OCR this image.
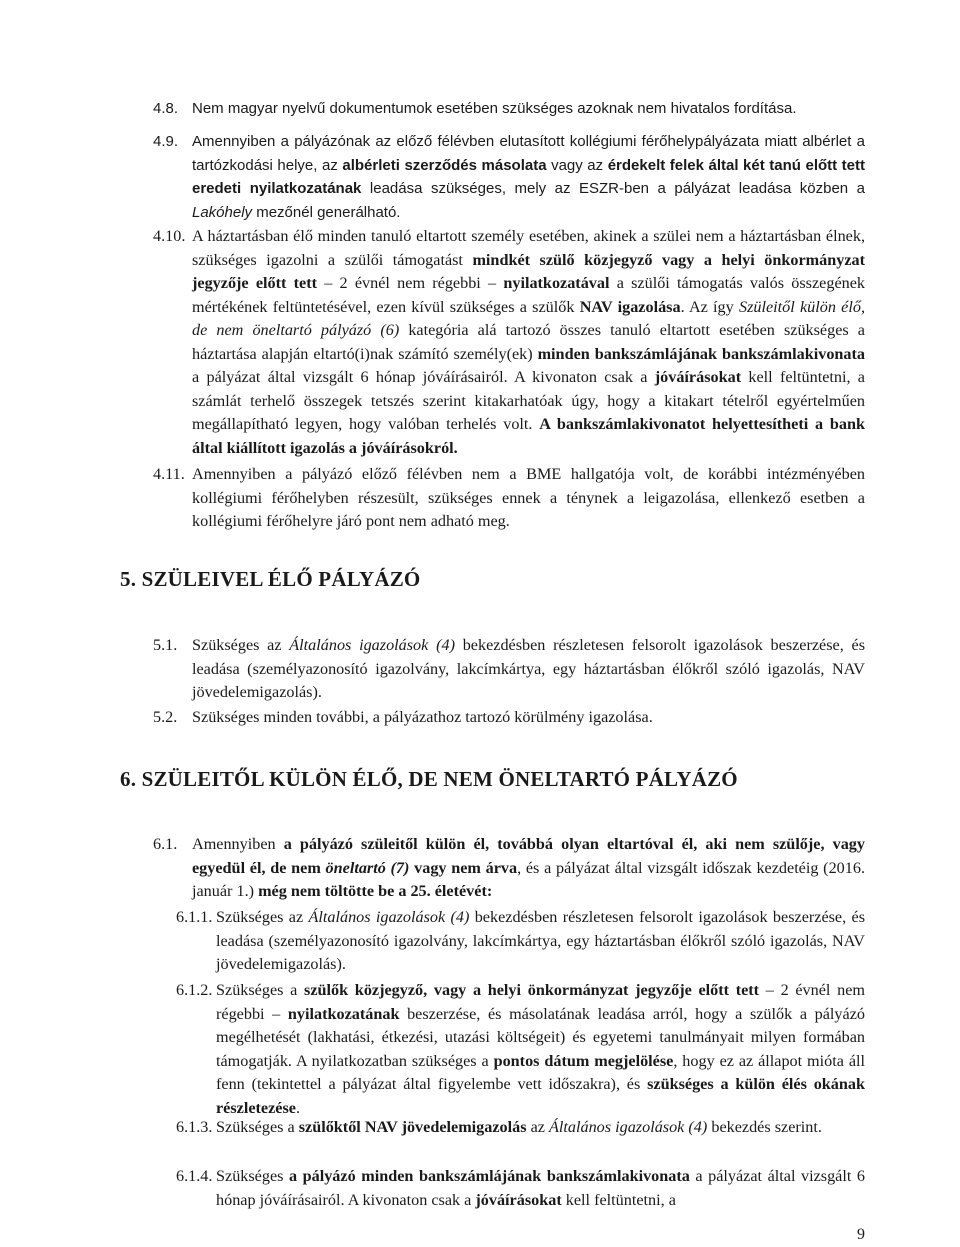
4.8. Nem magyar nyelvű dokumentumok esetében szükséges azoknak nem hivatalos fordítása.
4.9. Amennyiben a pályázónak az előző félévben elutasított kollégiumi férőhelypályázata miatt albérlet a tartózkodási helye, az albérleti szerződés másolata vagy az érdekelt felek által két tanú előtt tett eredeti nyilatkozatának leadása szükséges, mely az ESZR-ben a pályázat leadása közben a Lakóhely mezőnél generálható.
4.10. A háztartásban élő minden tanuló eltartott személy esetében, akinek a szülei nem a háztartásban élnek, szükséges igazolni a szülői támogatást mindkét szülő közjegyző vagy a helyi önkormányzat jegyzője előtt tett – 2 évnél nem régebbi – nyilatkozatával a szülői támogatás valós összegének mértékének feltüntetésével, ezen kívül szükséges a szülők NAV igazolása. Az így Szüleitől külön élő, de nem öneltartó pályázó (6) kategória alá tartozó összes tanuló eltartott esetében szükséges a háztartása alapján eltartó(i)nak számító személy(ek) minden bankszámlájának bankszámlakivonata a pályázat által vizsgált 6 hónap jóváírásairól. A kivonaton csak a jóváírásokat kell feltüntetni, a számlát terhelő összegek tetszés szerint kitakarhatóak úgy, hogy a kitakart tételről egyértelműen megállapítható legyen, hogy valóban terhelés volt. A bankszámlakivonatot helyettesítheti a bank által kiállított igazolás a jóváírásokról.
4.11. Amennyiben a pályázó előző félévben nem a BME hallgatója volt, de korábbi intézményében kollégiumi férőhelyben részesült, szükséges ennek a ténynek a leigazolása, ellenkező esetben a kollégiumi férőhelyre járó pont nem adható meg.
5. SZÜLEIVEL ÉLŐ PÁLYÁZÓ
5.1. Szükséges az Általános igazolások (4) bekezdésben részletesen felsorolt igazolások beszerzése, és leadása (személyazonosító igazolvány, lakcímkártya, egy háztartásban élőkről szóló igazolás, NAV jövedelemigazolás).
5.2. Szükséges minden további, a pályázathoz tartozó körülmény igazolása.
6. SZÜLEITŐL KÜLÖN ÉLŐ, DE NEM ÖNELTARTÓ PÁLYÁZÓ
6.1. Amennyiben a pályázó szüleitől külön él, továbbá olyan eltartóval él, aki nem szülője, vagy egyedül él, de nem öneltartó (7) vagy nem árva, és a pályázat által vizsgált időszak kezdetéig (2016. január 1.) még nem töltötte be a 25. életévét:
6.1.1. Szükséges az Általános igazolások (4) bekezdésben részletesen felsorolt igazolások beszerzése, és leadása (személyazonosító igazolvány, lakcímkártya, egy háztartásban élőkről szóló igazolás, NAV jövedelemigazolás).
6.1.2. Szükséges a szülők közjegyző, vagy a helyi önkormányzat jegyzője előtt tett – 2 évnél nem régebbi – nyilatkozatának beszerzése, és másolatának leadása arról, hogy a szülők a pályázó megélhetését (lakhatási, étkezési, utazási költségeit) és egyetemi tanulmányait milyen formában támogatják. A nyilatkozatban szükséges a pontos dátum megjelölése, hogy ez az állapot mióta áll fenn (tekintettel a pályázat által figyelembe vett időszakra), és szükséges a külön élés okának részletezése.
6.1.3. Szükséges a szülőktől NAV jövedelemigazolás az Általános igazolások (4) bekezdés szerint.
6.1.4. Szükséges a pályázó minden bankszámlájának bankszámlakivonata a pályázat által vizsgált 6 hónap jóváírásairól. A kivonaton csak a jóváírásokat kell feltüntetni, a
9
